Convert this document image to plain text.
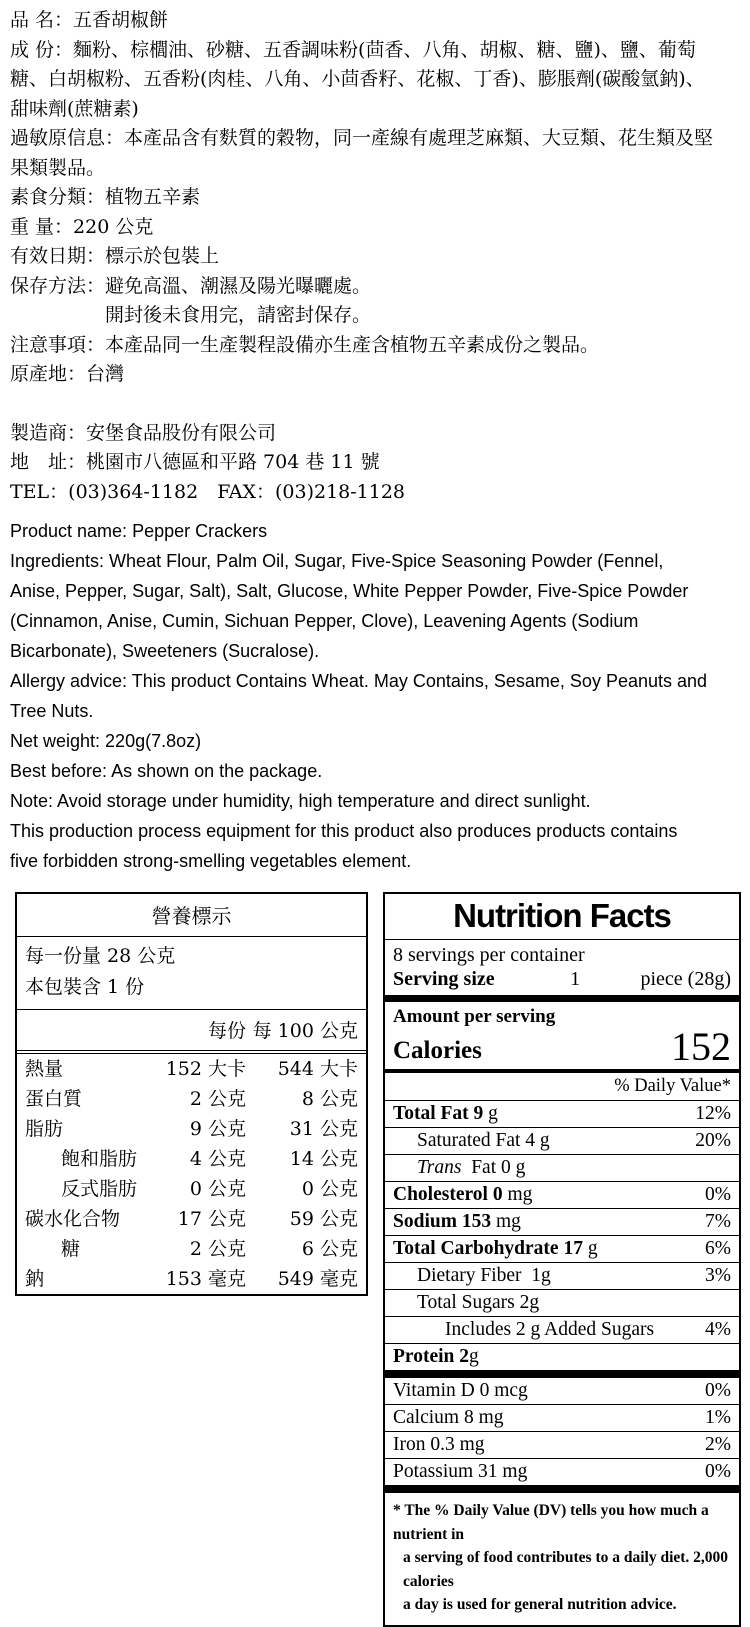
品 名：五香胡椒餅

成 份：麵粉、棕櫚油、砂糖、五香調味粉(茴香、八角、胡椒、糖、鹽)、鹽、葡萄糖、白胡椒粉、五香粉(肉桂、八角、小茴香籽、花椒、丁香)、膨脹劑(碳酸氫鈉)、甜味劑(蔗糖素)

過敏原信息：本產品含有麩質的穀物，同一產線有處理芝麻類、大豆類、花生類及堅果類製品。

素食分類：植物五辛素

重 量：220 公克

有效日期：標示於包裝上

保存方法：避免高溫、潮濕及陽光曝曬處。

開封後未食用完，請密封保存。

注意事項：本產品同一生產製程設備亦生產含植物五辛素成份之製品。

原產地：台灣

製造商：安堡食品股份有限公司

地　址：桃園市八德區和平路 704 巷 11 號

TEL：(03)364-1182　FAX：(03)218-1128

Product name: Pepper Crackers

Ingredients: Wheat Flour, Palm Oil, Sugar, Five-Spice Seasoning Powder (Fennel, Anise, Pepper, Sugar, Salt), Salt, Glucose, White Pepper Powder, Five-Spice Powder (Cinnamon, Anise, Cumin, Sichuan Pepper, Clove), Leavening Agents (Sodium Bicarbonate), Sweeteners (Sucralose).

Allergy advice: This product Contains Wheat. May Contains, Sesame, Soy Peanuts and Tree Nuts.

Net weight: 220g(7.8oz)

Best before: As shown on the package.

Note: Avoid storage under humidity, high temperature and direct sunlight.

This production process equipment for this product also produces products contains five forbidden strong-smelling vegetables element.

營養標示
每一份量 28 公克
本包裝含 1 份
每份 每 100 公克
熱量	152 大卡	544 大卡
蛋白質	2 公克	8 公克
脂肪	9 公克	31 公克
飽和脂肪	4 公克	14 公克
反式脂肪	0 公克	0 公克
碳水化合物	17 公克	59 公克
糖	2 公克	6 公克
鈉	153 毫克	549 毫克
Nutrition Facts
8 servings per container
Serving size	1	piece (28g)
Amount per serving
Calories	152
% Daily Value*
Total Fat 9 g	12%
Saturated Fat 4 g	20%
Trans  Fat 0 g
Cholesterol 0 mg	0%
Sodium 153 mg	7%
Total Carbohydrate 17 g	6%
Dietary Fiber  1g	3%
Total Sugars 2g
Includes 2 g Added Sugars	4%
Protein 2g
Vitamin D 0 mcg	0%
Calcium 8 mg	1%
Iron 0.3 mg	2%
Potassium 31 mg	0%
* The % Daily Value (DV) tells you how much a nutrient in
a serving of food contributes to a daily diet. 2,000 calories
a day is used for general nutrition advice.
